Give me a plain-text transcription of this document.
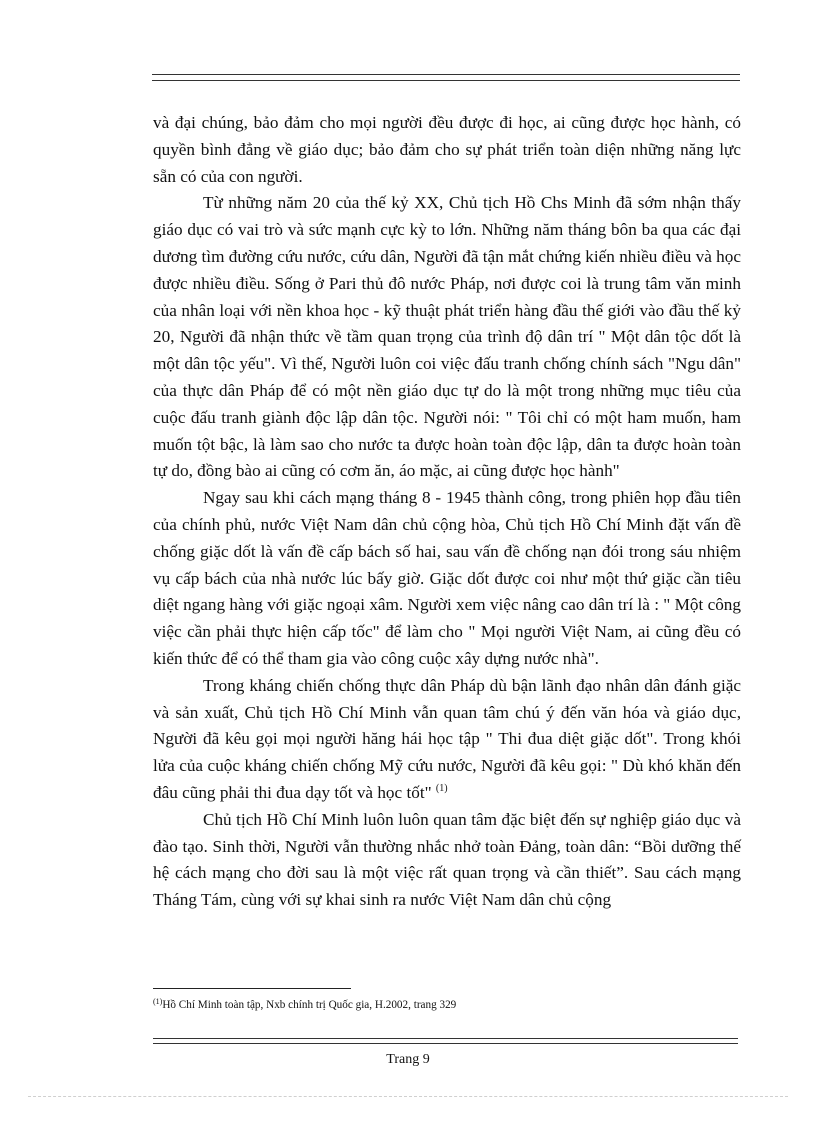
và đại chúng, bảo đảm cho mọi người đều được đi học, ai cũng được học hành, có quyền bình đẳng về giáo dục; bảo đảm cho sự phát triển toàn diện những năng lực sẵn có của con người.

Từ những năm 20 của thế kỷ XX, Chủ tịch Hồ Chs Minh đã sớm nhận thấy giáo dục có vai trò và sức mạnh cực kỳ to lớn. Những năm tháng bôn ba qua các đại dương tìm đường cứu nước, cứu dân, Người đã tận mắt chứng kiến nhiều điều và học được nhiều điều. Sống ở Pari thủ đô nước Pháp, nơi được coi là trung tâm văn minh của nhân loại với nền khoa học - kỹ thuật phát triển hàng đầu thế giới vào đầu thế kỷ 20, Người đã nhận thức về tầm quan trọng của trình độ dân trí " Một dân tộc dốt là một dân tộc yếu". Vì thế, Người luôn coi việc đấu tranh chống chính sách "Ngu dân" của thực dân Pháp để có một nền giáo dục tự do là một trong những mục tiêu của cuộc đấu tranh giành độc lập dân tộc. Người nói: " Tôi chỉ có một ham muốn, ham muốn tột bậc, là làm sao cho nước ta được hoàn toàn độc lập, dân ta được hoàn toàn tự do, đồng bào ai cũng có cơm ăn, áo mặc, ai cũng được học hành"

Ngay sau khi cách mạng tháng 8 - 1945 thành công, trong phiên họp đầu tiên của chính phủ, nước Việt Nam dân chủ cộng hòa, Chủ tịch Hồ Chí Minh đặt vấn đề chống giặc dốt là vấn đề cấp bách số hai, sau vấn đề chống nạn đói trong sáu nhiệm vụ cấp bách của nhà nước lúc bấy giờ. Giặc dốt được coi như một thứ giặc cần tiêu diệt ngang hàng với giặc ngoại xâm. Người xem việc nâng cao dân trí là : " Một công việc cần phải thực hiện cấp tốc" để làm cho " Mọi người Việt Nam, ai cũng đều có kiến thức để có thể tham gia vào công cuộc xây dựng nước nhà".

Trong kháng chiến chống thực dân Pháp dù bận lãnh đạo nhân dân đánh giặc và sản xuất, Chủ tịch Hồ Chí Minh vẫn quan tâm chú ý đến văn hóa và giáo dục, Người đã kêu gọi mọi người hăng hái học tập " Thi đua diệt giặc dốt". Trong khói lửa của cuộc kháng chiến chống Mỹ cứu nước, Người đã kêu gọi: " Dù khó khăn đến đâu cũng phải thi đua dạy tốt và học tốt" $^{(1)}$

Chủ tịch Hồ Chí Minh luôn luôn quan tâm đặc biệt đến sự nghiệp giáo dục và đào tạo. Sinh thời, Người vẫn thường nhắc nhở toàn Đảng, toàn dân: “Bồi dưỡng thế hệ cách mạng cho đời sau là một việc rất quan trọng và cần thiết”. Sau cách mạng Tháng Tám, cùng với sự khai sinh ra nước Việt Nam dân chủ cộng

$^{(1)}$Hồ Chí Minh toàn tập, Nxb chính trị Quốc gia, H.2002, trang 329
Trang 9
